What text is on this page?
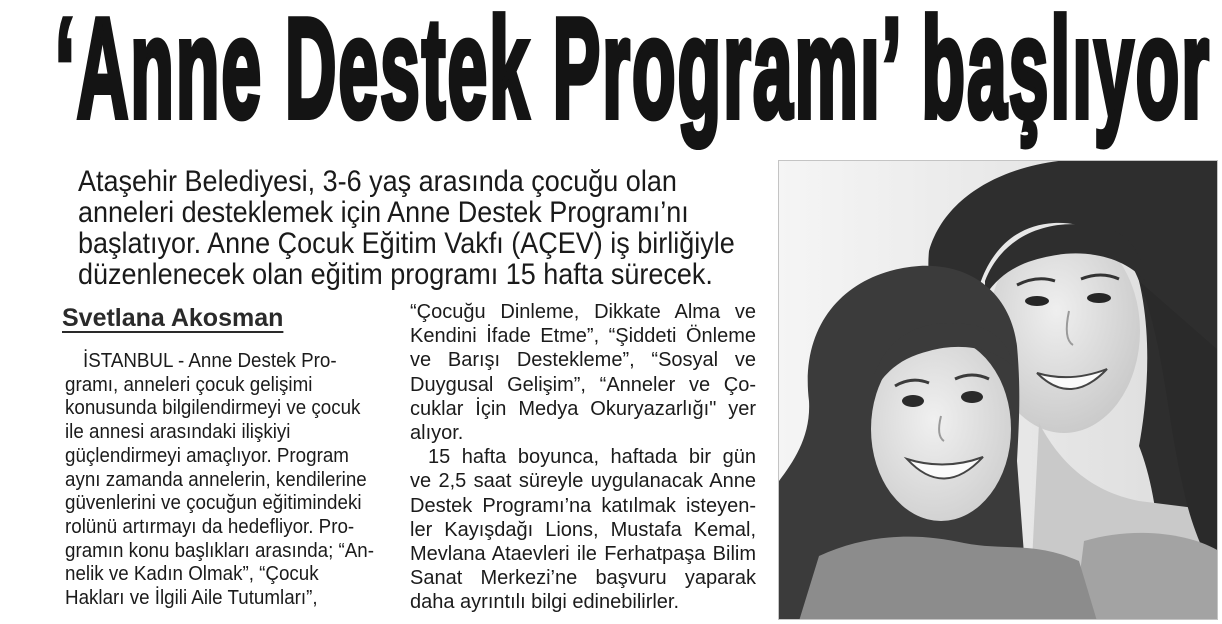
‘Anne Destek Programı’ başlıyor
Ataşehir Belediyesi, 3-6 yaş arasında çocuğu olan
anneleri desteklemek için Anne Destek Programı’nı
başlatıyor. Anne Çocuk Eğitim Vakfı (AÇEV) iş birliğiyle
düzenlenecek olan eğitim programı 15 hafta sürecek.
Svetlana Akosman
İSTANBUL - Anne Destek Pro-
gramı, anneleri çocuk gelişimi
konusunda bilgilendirmeyi ve çocuk
ile annesi arasındaki ilişkiyi
güçlendirmeyi amaçlıyor. Program
aynı zamanda annelerin, kendilerine
güvenlerini ve çocuğun eğitimindeki
rolünü artırmayı da hedefliyor. Pro-
gramın konu başlıkları arasında; “An-
nelik ve Kadın Olmak”, “Çocuk
Hakları ve İlgili Aile Tutumları”,
“Çocuğu Dinleme, Dikkate Alma ve
Kendini İfade Etme”, “Şiddeti Önleme
ve Barışı Destekleme”, “Sosyal ve
Duygusal Gelişim”, “Anneler ve Ço-
cuklar İçin Medya Okuryazarlığı" yer
alıyor.
15 hafta boyunca, haftada bir gün
ve 2,5 saat süreyle uygulanacak Anne
Destek Programı’na katılmak isteyen-
ler Kayışdağı Lions, Mustafa Kemal,
Mevlana Ataevleri ile Ferhatpaşa Bilim
Sanat Merkezi’ne başvuru yaparak
daha ayrıntılı bilgi edinebilirler.
